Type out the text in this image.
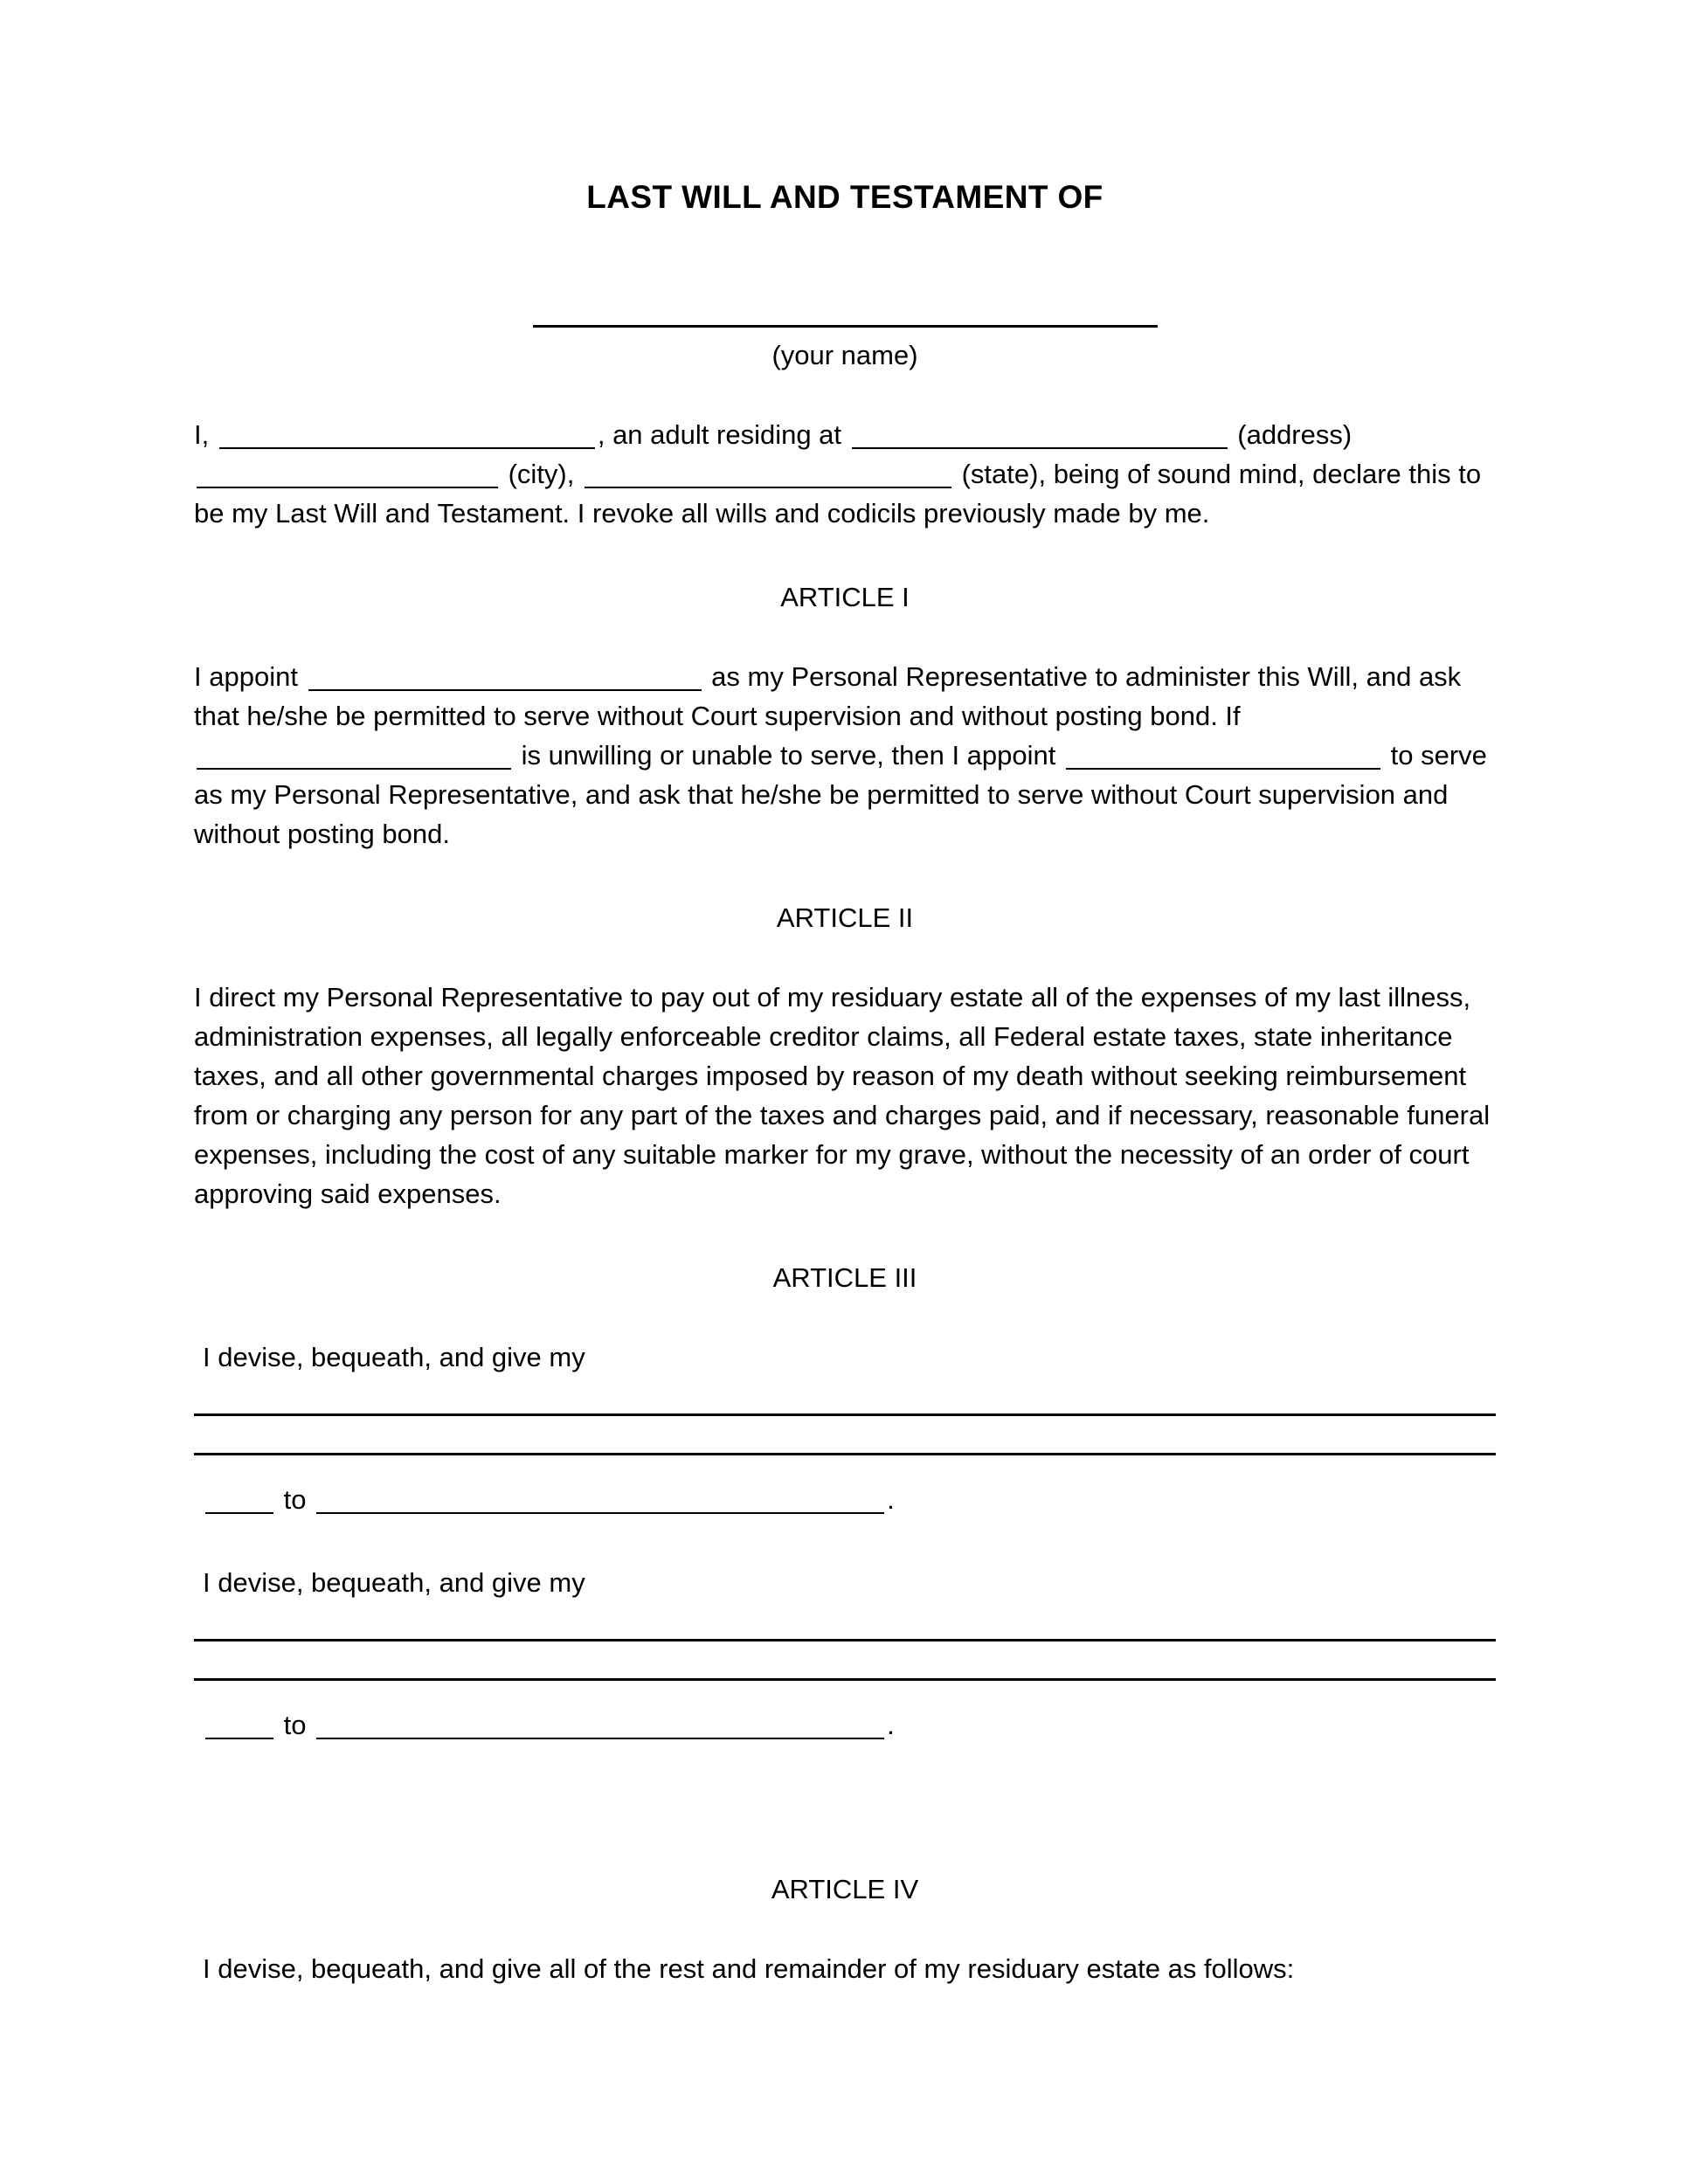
LAST WILL AND TESTAMENT OF
(your name)

I,	, an adult residing at	(address)  (city),	(state), being of sound mind, declare this to be my Last Will and Testament. I revoke all wills and codicils previously made by me.

ARTICLE I

I appoint	as my Personal Representative to administer this Will, and ask that he/she be permitted to serve without Court supervision and without posting bond. If  is unwilling or unable to serve, then I appoint	to serve as my Personal Representative, and ask that he/she be permitted to serve without Court supervision and without posting bond.

ARTICLE II

I direct my Personal Representative to pay out of my residuary estate all of the expenses of my last illness, administration expenses, all legally enforceable creditor claims, all Federal estate taxes, state inheritance taxes, and all other governmental charges imposed by reason of my death without seeking reimbursement from or charging any person for any part of the taxes and charges paid, and if necessary, reasonable funeral expenses, including the cost of any suitable marker for my grave, without the necessity of an order of court approving said expenses.

ARTICLE III

I devise, bequeath, and give my

to	.

I devise, bequeath, and give my

to	.
ARTICLE IV

I devise, bequeath, and give all of the rest and remainder of my residuary estate as follows:
